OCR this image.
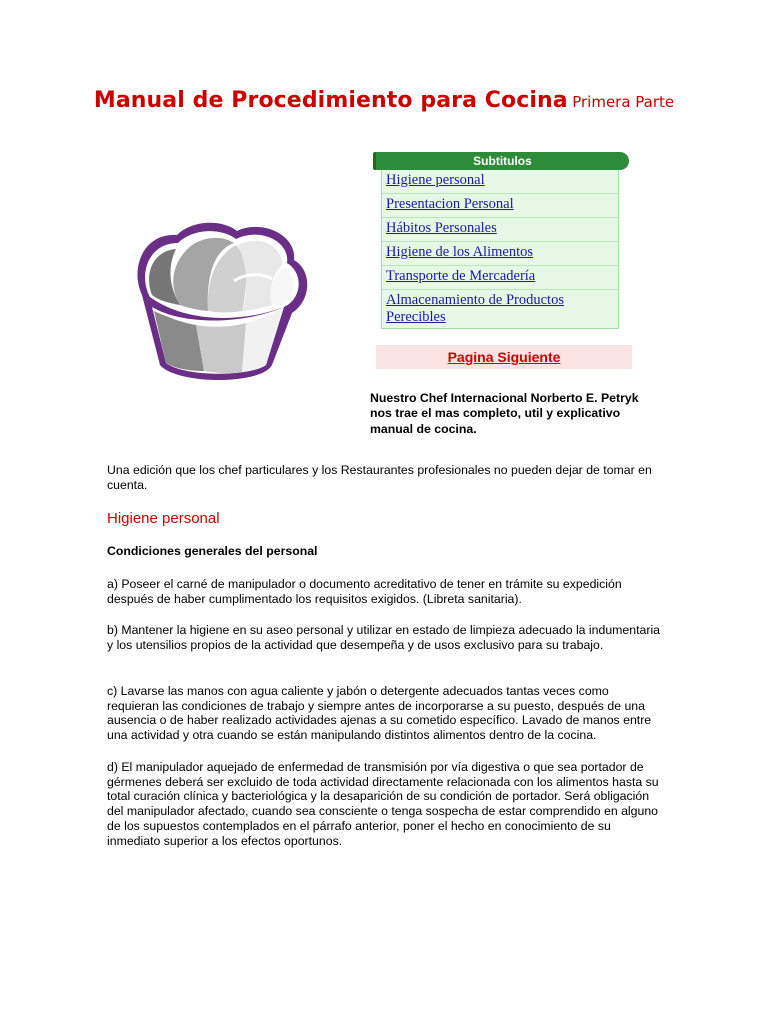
Manual de Procedimiento para Cocina Primera Parte
Subtitulos
Higiene personal
Presentacion Personal
Hábitos Personales
Higiene de los Alimentos
Transporte de Mercadería
Almacenamiento de Productos Perecibles
Pagina Siguiente
Nuestro Chef Internacional Norberto E. Petryk nos trae el mas completo, util y explicativo manual de cocina.
Una edición que los chef particulares y los Restaurantes profesionales no pueden dejar de tomar en cuenta.
Higiene personal
Condiciones generales del personal
a) Poseer el carné de manipulador o documento acreditativo de tener en trámite su expedición después de haber cumplimentado los requisitos exigidos. (Libreta sanitaria).
b) Mantener la higiene en su aseo personal y utilizar en estado de limpieza adecuado la indumentaria y los utensilios propios de la actividad que desempeña y de usos exclusivo para su trabajo.
c) Lavarse las manos con agua caliente y jabón o detergente adecuados tantas veces como requieran las condiciones de trabajo y siempre antes de incorporarse a su puesto, después de una ausencia o de haber realizado actividades ajenas a su cometido específico. Lavado de manos entre una actividad y otra cuando se están manipulando distintos alimentos dentro de la cocina.
d) El manipulador aquejado de enfermedad de transmisión por vía digestiva o que sea portador de gérmenes deberá ser excluido de toda actividad directamente relacionada con los alimentos hasta su total curación clínica y bacteriológica y la desaparición de su condición de portador. Será obligación del manipulador afectado, cuando sea consciente o tenga sospecha de estar comprendido en alguno de los supuestos contemplados en el párrafo anterior, poner el hecho en conocimiento de su inmediato superior a los efectos oportunos.
